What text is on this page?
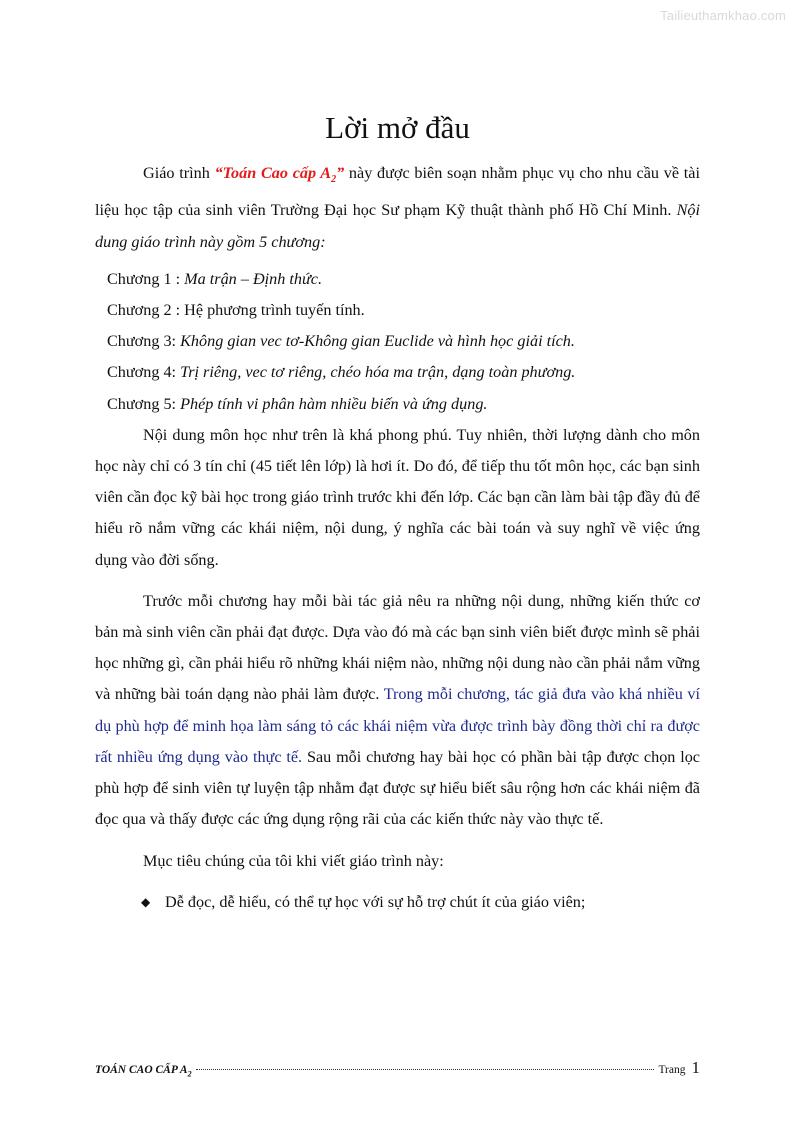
Tailieuthamkhao.com
Lời mở đầu

Giáo trình “Toán Cao cấp $A_2$” này được biên soạn nhằm phục vụ cho nhu cầu về tài liệu học tập của sinh viên Trường Đại học Sư phạm Kỹ thuật thành phố Hồ Chí Minh. Nội dung giáo trình này gồm 5 chương:

Chương 1 : Ma trận – Định thức.
Chương 2 : Hệ phương trình tuyến tính.
Chương 3: Không gian vec tơ-Không gian Euclide và hình học giải tích.
Chương 4: Trị riêng, vec tơ riêng, chéo hóa ma trận, dạng toàn phương.
Chương 5: Phép tính vi phân hàm nhiều biến và ứng dụng.

Nội dung môn học như trên là khá phong phú. Tuy nhiên, thời lượng dành cho môn học này chỉ có 3 tín chỉ (45 tiết lên lớp) là hơi ít. Do đó, để tiếp thu tốt môn học, các bạn sinh viên cần đọc kỹ bài học trong giáo trình trước khi đến lớp. Các bạn cần làm bài tập đầy đủ để hiểu rõ nắm vững các khái niệm, nội dung, ý nghĩa các bài toán và suy nghĩ về việc ứng dụng vào đời sống.

Trước mỗi chương hay mỗi bài tác giả nêu ra những nội dung, những kiến thức cơ bản mà sinh viên cần phải đạt được. Dựa vào đó mà các bạn sinh viên biết được mình sẽ phải học những gì, cần phải hiểu rõ những khái niệm nào, những nội dung nào cần phải nắm vững và những bài toán dạng nào phải làm được. Trong mỗi chương, tác giả đưa vào khá nhiều ví dụ phù hợp để minh họa làm sáng tỏ các khái niệm vừa được trình bày đồng thời chỉ ra được rất nhiều ứng dụng vào thực tế. Sau mỗi chương hay bài học có phần bài tập được chọn lọc phù hợp để sinh viên tự luyện tập nhằm đạt được sự hiểu biết sâu rộng hơn các khái niệm đã đọc qua và thấy được các ứng dụng rộng rãi của các kiến thức này vào thực tế.

Mục tiêu chúng của tôi khi viết giáo trình này:

◆ Dễ đọc, dễ hiểu, có thể tự học với sự hỗ trợ chút ít của giáo viên;
TOÁN CAO CẤP $A_2$	Trang 1
